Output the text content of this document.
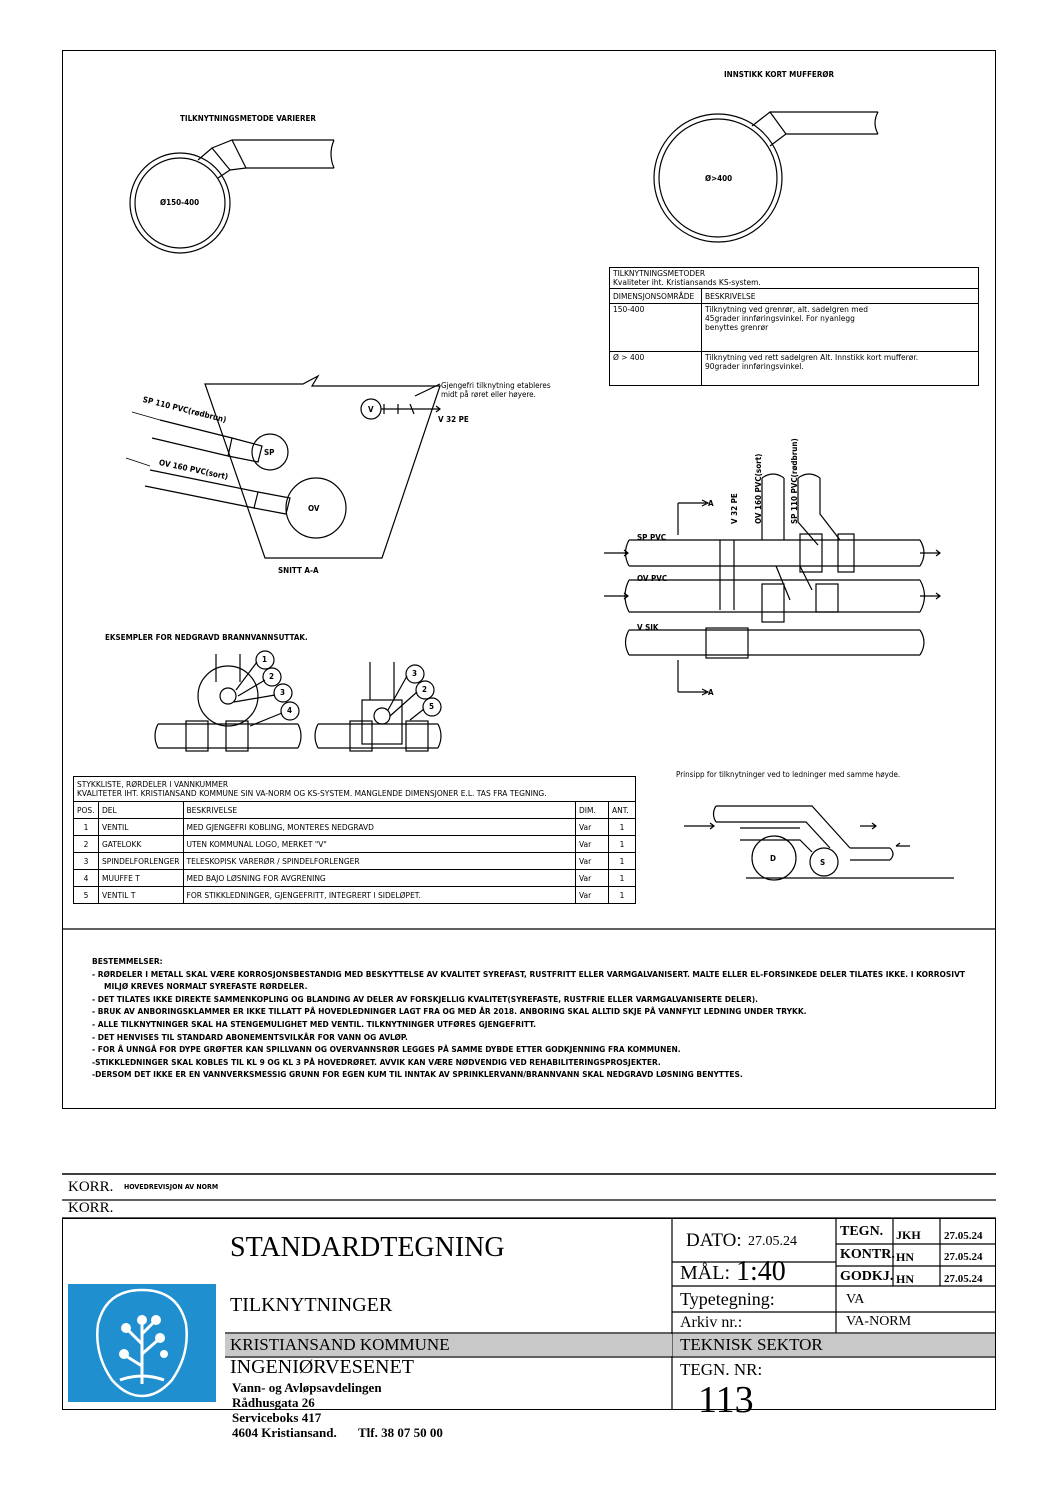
TILKNYTNINGSMETODE VARIERER
Ø150-400
INNSTIKK KORT MUFFERØR
Ø>400
Gjengefri tilknytning etableres
midt på røret eller høyere.
V 32 PE
V
SP 110 PVC(rødbrun)
SP
OV 160 PVC(sort)
OV
SNITT A-A
EKSEMPLER FOR NEDGRAVD BRANNVANNSUTTAK.
SP PVC
OV PVC
V SIK
A
A
V 32 PE OV 160 PVC(sort)	SP 110 PVC(rødbrun)
Prinsipp for tilknytninger ved to ledninger med samme høyde.
D	S
1
2
3
4
3
2
5
TILKNYTNINGSMETODER
Kvaliteter iht. Kristiansands KS-system.	

DIMENSJONSOMRÅDE	BESKRIVELSE
150-400	Tilknytning ved grenrør, alt. sadelgren med
45grader innføringsvinkel. For nyanlegg
benyttes grenrør

Ø > 400	Tilknytning ved rett sadelgren Alt. Innstikk kort mufferør.
90grader innføringsvinkel.
STYKKLISTE, RØRDELER I VANNKUMMER
KVALITETER IHT. KRISTIANSAND KOMMUNE SIN VA-NORM OG KS-SYSTEM. MANGLENDE DIMENSJONER E.L. TAS FRA TEGNING.				

POS.	DEL	BESKRIVELSE	DIM.	ANT.
1	VENTIL	MED GJENGEFRI KOBLING, MONTERES NEDGRAVD	Var	1
2	GATELOKK	UTEN KOMMUNAL LOGO, MERKET "V"	Var	1
3	SPINDELFORLENGER	TELESKOPISK VARERØR / SPINDELFORLENGER	Var	1
4	MUUFFE T	MED BAJO LØSNING FOR AVGRENING	Var	1
5	VENTIL T	FOR STIKKLEDNINGER, GJENGEFRITT, INTEGRERT I SIDELØPET.	Var	1
BESTEMMELSER:
- RØRDELER I METALL SKAL VÆRE KORROSJONSBESTANDIG MED BESKYTTELSE AV KVALITET SYREFAST, RUSTFRITT ELLER VARMGALVANISERT. MALTE ELLER EL-FORSINKEDE DELER TILATES IKKE. I KORROSIVT
MILJØ KREVES NORMALT SYREFASTE RØRDELER.
- DET TILATES IKKE DIREKTE SAMMENKOPLING OG BLANDING AV DELER AV FORSKJELLIG KVALITET(SYREFASTE, RUSTFRIE ELLER VARMGALVANISERTE DELER).
- BRUK AV ANBORINGSKLAMMER ER IKKE TILLATT PÅ HOVEDLEDNINGER LAGT FRA OG MED ÅR 2018. ANBORING SKAL ALLTID SKJE PÅ VANNFYLT LEDNING UNDER TRYKK.
- ALLE TILKNYTNINGER SKAL HA STENGEMULIGHET MED VENTIL. TILKNYTNINGER UTFØRES GJENGEFRITT.
- DET HENVISES TIL STANDARD ABONEMENTSVILKÅR FOR VANN OG AVLØP.
- FOR Å UNNGÅ FOR DYPE GRØFTER KAN SPILLVANN OG OVERVANNSRØR LEGGES PÅ SAMME DYBDE ETTER GODKJENNING FRA KOMMUNEN.
-STIKKLEDNINGER SKAL KOBLES TIL KL 9 OG KL 3 PÅ HOVEDRØRET. AVVIK KAN VÆRE NØDVENDIG VED REHABILITERINGSPROSJEKTER.
-DERSOM DET IKKE ER EN VANNVERKSMESSIG GRUNN FOR EGEN KUM TIL INNTAK AV SPRINKLERVANN/BRANNVANN SKAL NEDGRAVD LØSNING BENYTTES.
KORR. HOVEDREVISJON AV NORM
KORR.
STANDARDTEGNING
TILKNYTNINGER
KRISTIANSAND KOMMUNE
INGENIØRVESENET
Vann- og Avløpsavdelingen
Rådhusgata 26
Serviceboks 417
4604 Kristiansand. Tlf. 38 07 50 00
DATO: 27.05.24
MÅL: 1:40
TEGN. JKH 27.05.24
KONTR. HN	27.05.24
GODKJ. HN	27.05.24
Typetegning:	VA
Arkiv nr.:	VA-NORM
TEKNISK SEKTOR
TEGN. NR:
113
